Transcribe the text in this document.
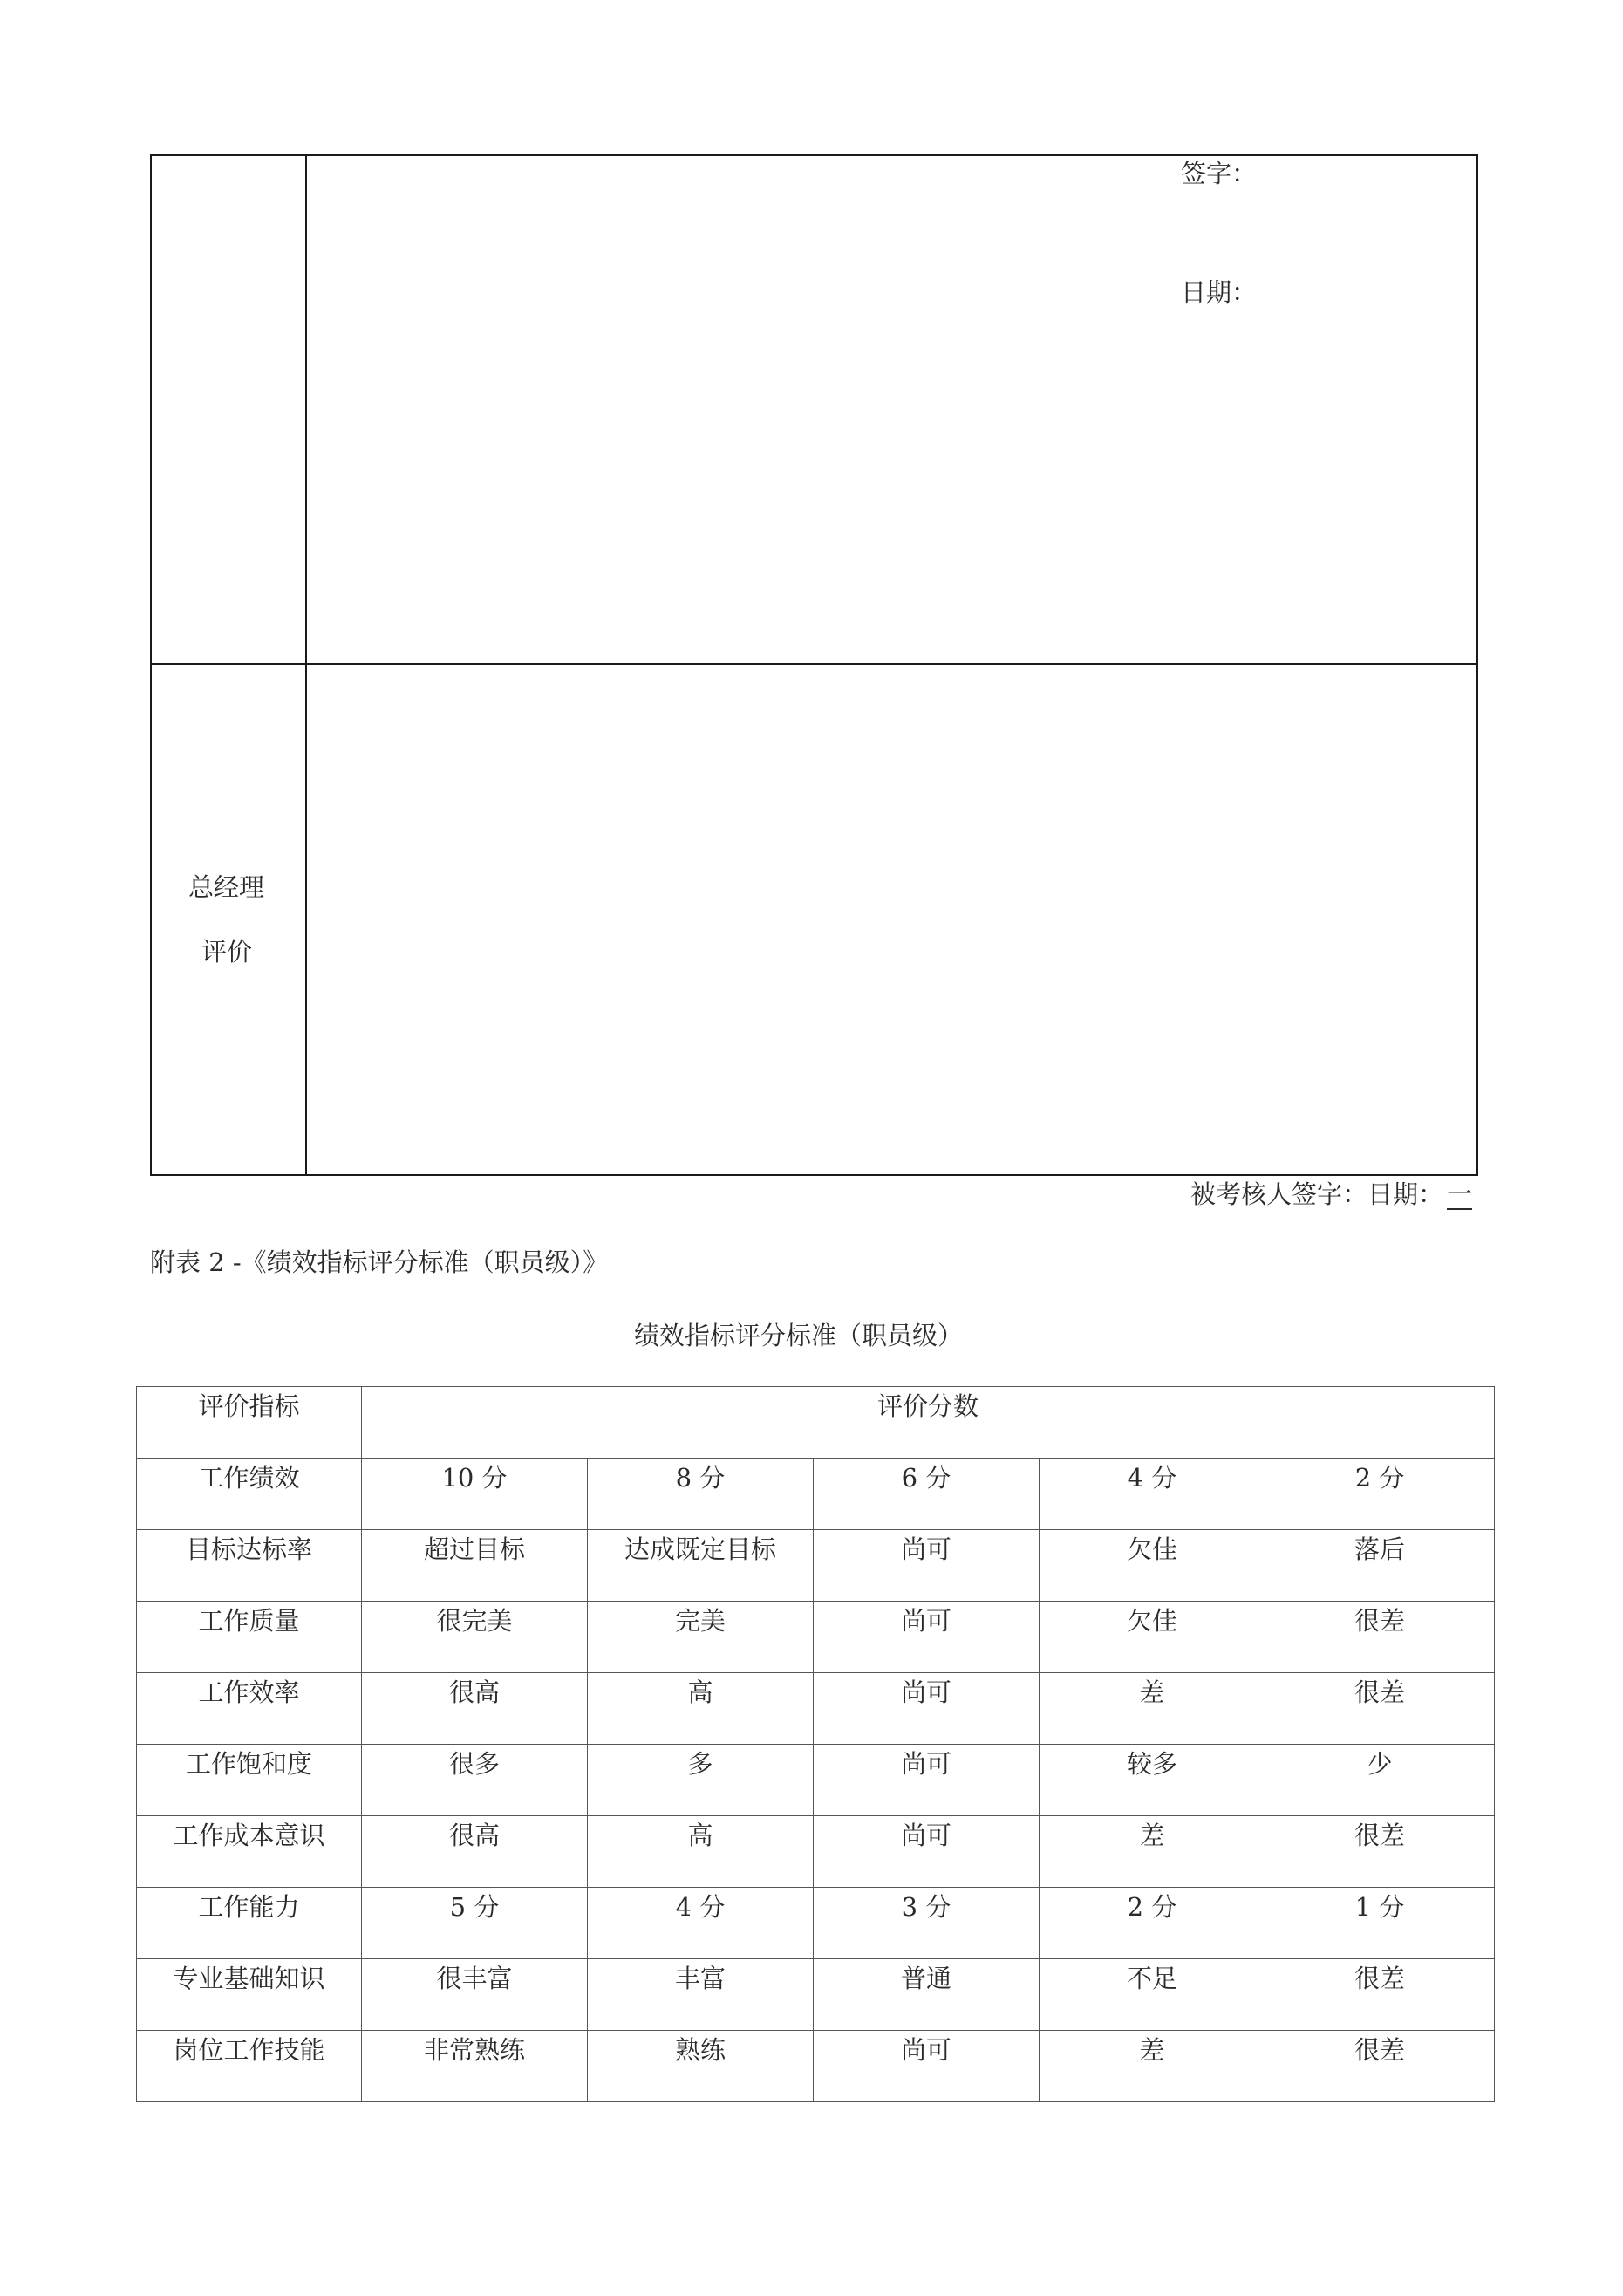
签字：
日期：
总经理
评价
被考核人签字：日期： 一
附表 2 -《绩效指标评分标准（职员级）》
绩效指标评分标准（职员级）
评价指标	评价分数				
工作绩效	10 分	8 分	6 分	4 分	2 分
目标达标率	超过目标	达成既定目标	尚可	欠佳	落后
工作质量	很完美	完美	尚可	欠佳	很差
工作效率	很高	高	尚可	差	很差
工作饱和度	很多	多	尚可	较多	少
工作成本意识	很高	高	尚可	差	很差
工作能力	5 分	4 分	3 分	2 分	1 分
专业基础知识	很丰富	丰富	普通	不足	很差
岗位工作技能	非常熟练	熟练	尚可	差	很差
